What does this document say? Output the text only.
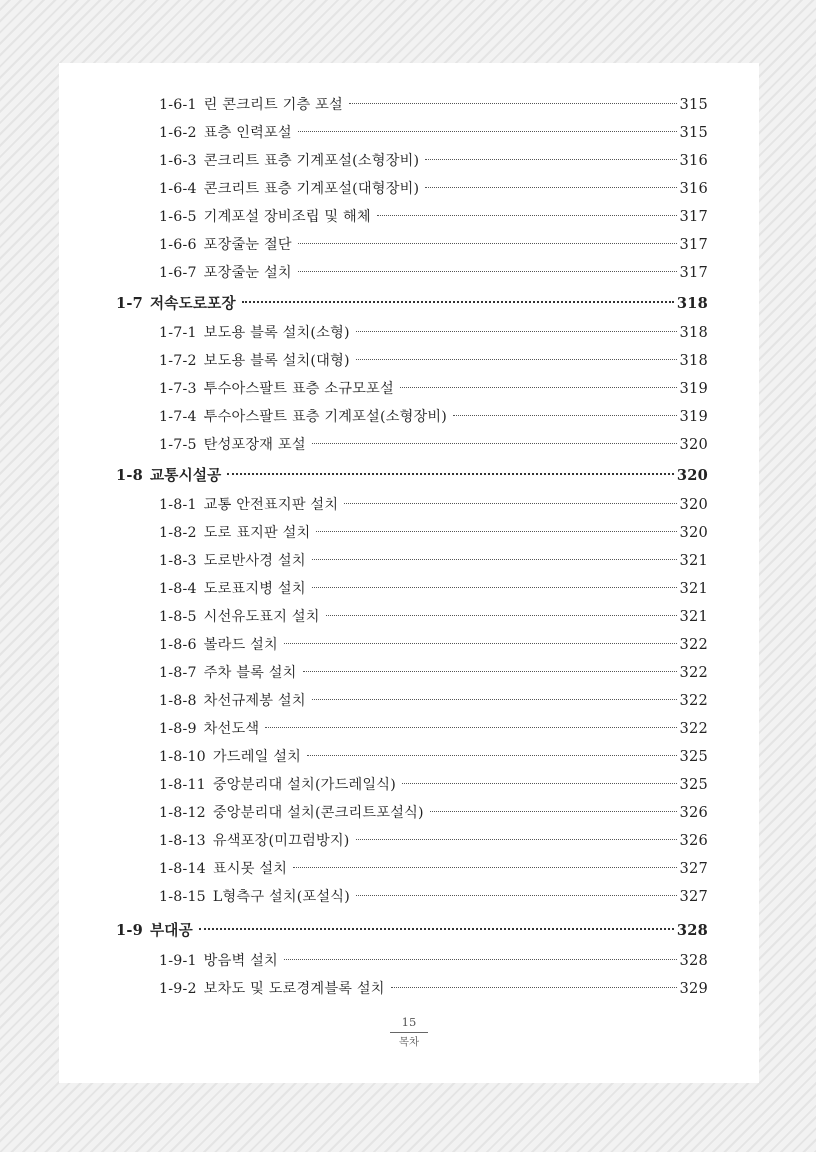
1-6-1 린 콘크리트 기층 포설	315
1-6-2 표층 인력포설	315
1-6-3 콘크리트 표층 기계포설(소형장비)	316
1-6-4 콘크리트 표층 기계포설(대형장비)	316
1-6-5 기계포설 장비조립 및 해체	317
1-6-6 포장줄눈 절단	317
1-6-7 포장줄눈 설치	317
1-7 저속도로포장	318
1-7-1 보도용 블록 설치(소형)	318
1-7-2 보도용 블록 설치(대형)	318
1-7-3 투수아스팔트 표층 소규모포설	319
1-7-4 투수아스팔트 표층 기계포설(소형장비)	319
1-7-5 탄성포장재 포설	320
1-8 교통시설공	320
1-8-1 교통 안전표지판 설치	320
1-8-2 도로 표지판 설치	320
1-8-3 도로반사경 설치	321
1-8-4 도로표지병 설치	321
1-8-5 시선유도표지 설치	321
1-8-6 볼라드 설치	322
1-8-7 주차 블록 설치	322
1-8-8 차선규제봉 설치	322
1-8-9 차선도색	322
1-8-10 가드레일 설치	325
1-8-11 중앙분리대 설치(가드레일식)	325
1-8-12 중앙분리대 설치(콘크리트포설식)	326
1-8-13 유색포장(미끄럼방지)	326
1-8-14 표시못 설치	327
1-8-15 L형측구 설치(포설식)	327
1-9 부대공	328
1-9-1 방음벽 설치	328
1-9-2 보차도 및 도로경계블록 설치	329
15
목차
